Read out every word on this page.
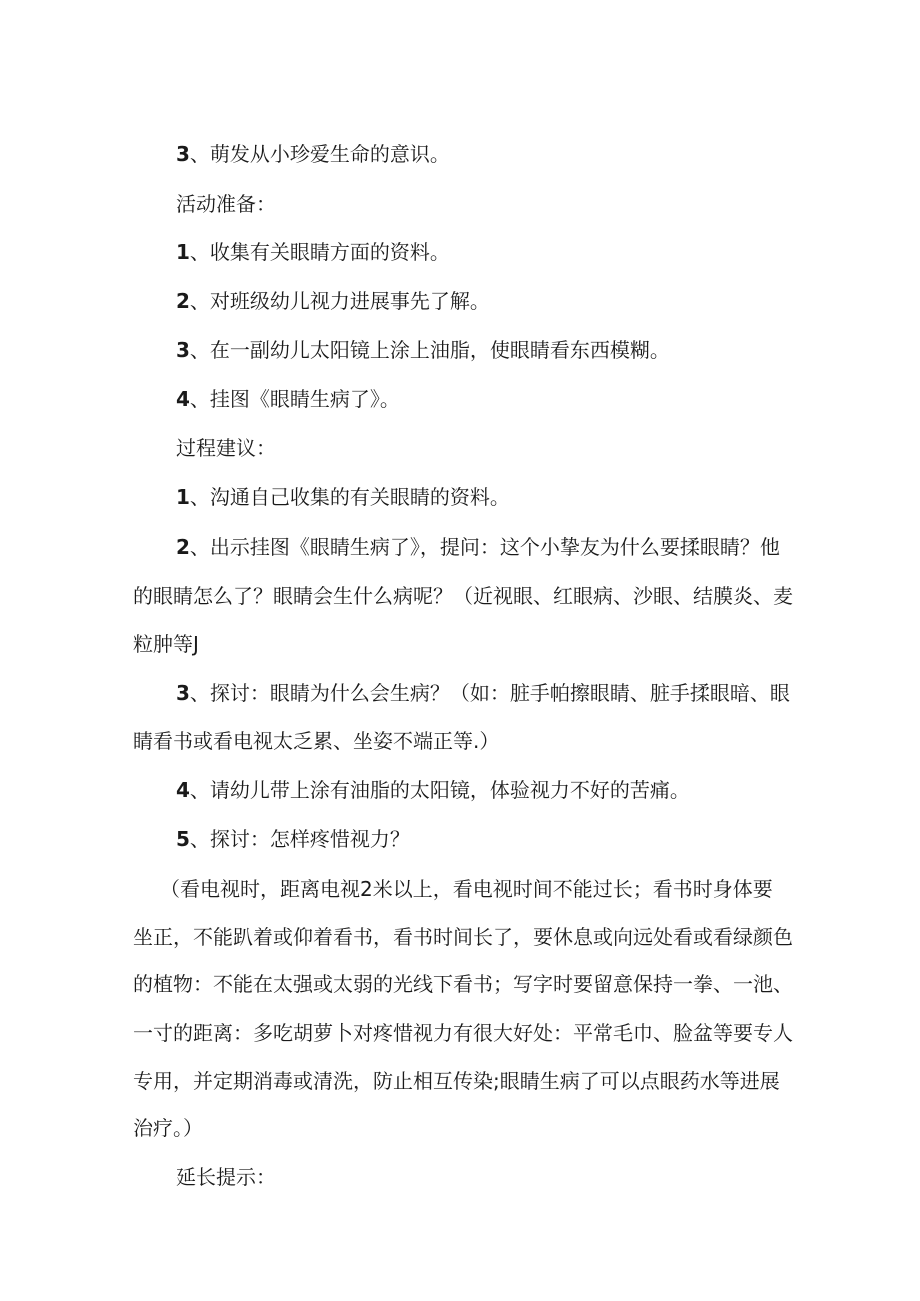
3、萌发从小珍爱生命的意识。

活动准备：

1、收集有关眼睛方面的资料。

2、对班级幼儿视力进展事先了解。

3、在一副幼儿太阳镜上涂上油脂，使眼睛看东西模糊。

4、挂图《眼睛生病了》。

过程建议：

1、沟通自己收集的有关眼睛的资料。

2、出示挂图《眼睛生病了》，提问：这个小挚友为什么要揉眼睛？他

的眼睛怎么了？眼睛会生什么病呢？（近视眼、红眼病、沙眼、结膜炎、麦

粒肿等J

3、探讨：眼睛为什么会生病？（如：脏手帕擦眼睛、脏手揉眼暗、眼

睛看书或看电视太乏累、坐姿不端正等.）

4、请幼儿带上涂有油脂的太阳镜，体验视力不好的苦痛。

5、探讨：怎样疼惜视力？

（看电视时，距离电视2米以上，看电视时间不能过长；看书时身体要

坐正，不能趴着或仰着看书，看书时间长了，要休息或向远处看或看绿颜色

的植物：不能在太强或太弱的光线下看书；写字时要留意保持一拳、一池、

一寸的距离：多吃胡萝卜对疼惜视力有很大好处：平常毛巾、脸盆等要专人

专用，并定期消毒或清洗，防止相互传染;眼睛生病了可以点眼药水等进展

治疗。）

延长提示：
